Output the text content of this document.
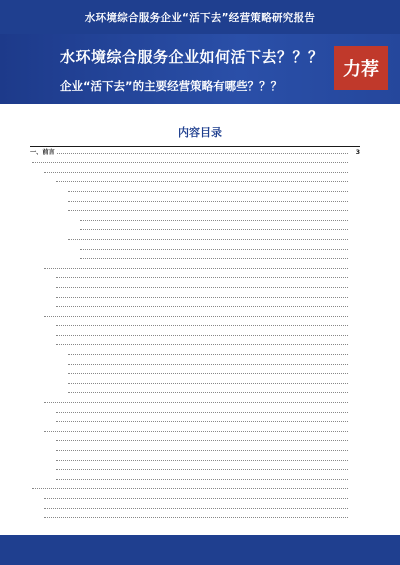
水环境综合服务企业“活下去”经营策略研究报告
水环境综合服务企业如何活下去？？？
企业“活下去”的主要经营策略有哪些？？？
力荐
内容目录
一、前言	3
